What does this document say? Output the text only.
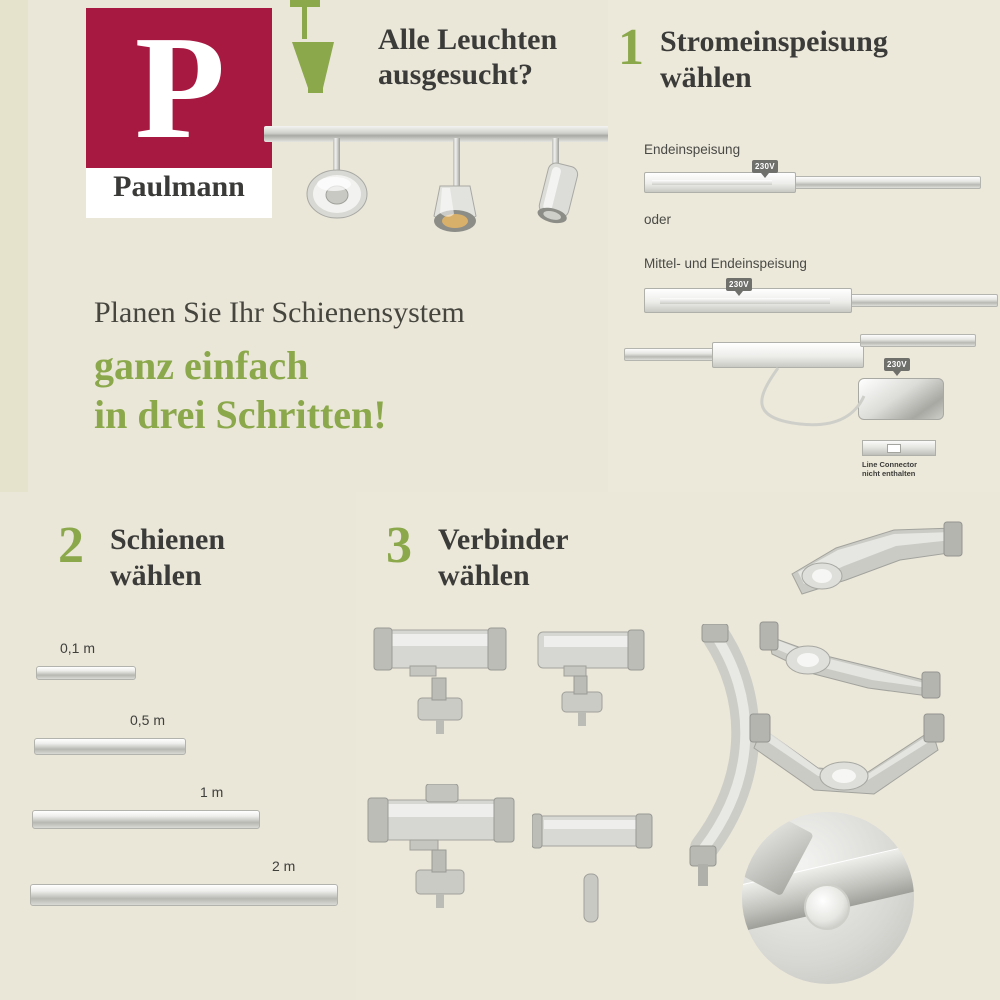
P
Paulmann
Alle Leuchten
ausgesucht?
Planen Sie Ihr Schienensystem
ganz einfach
in drei Schritten!
1 Stromeinspeisung
wählen
Endeinspeisung
230V
oder
Mittel- und Endeinspeisung
230V
230V
Line Connector
nicht enthalten
2 Schienen
wählen
0,1 m
0,5 m
1 m
2 m
3 Verbinder
wählen
